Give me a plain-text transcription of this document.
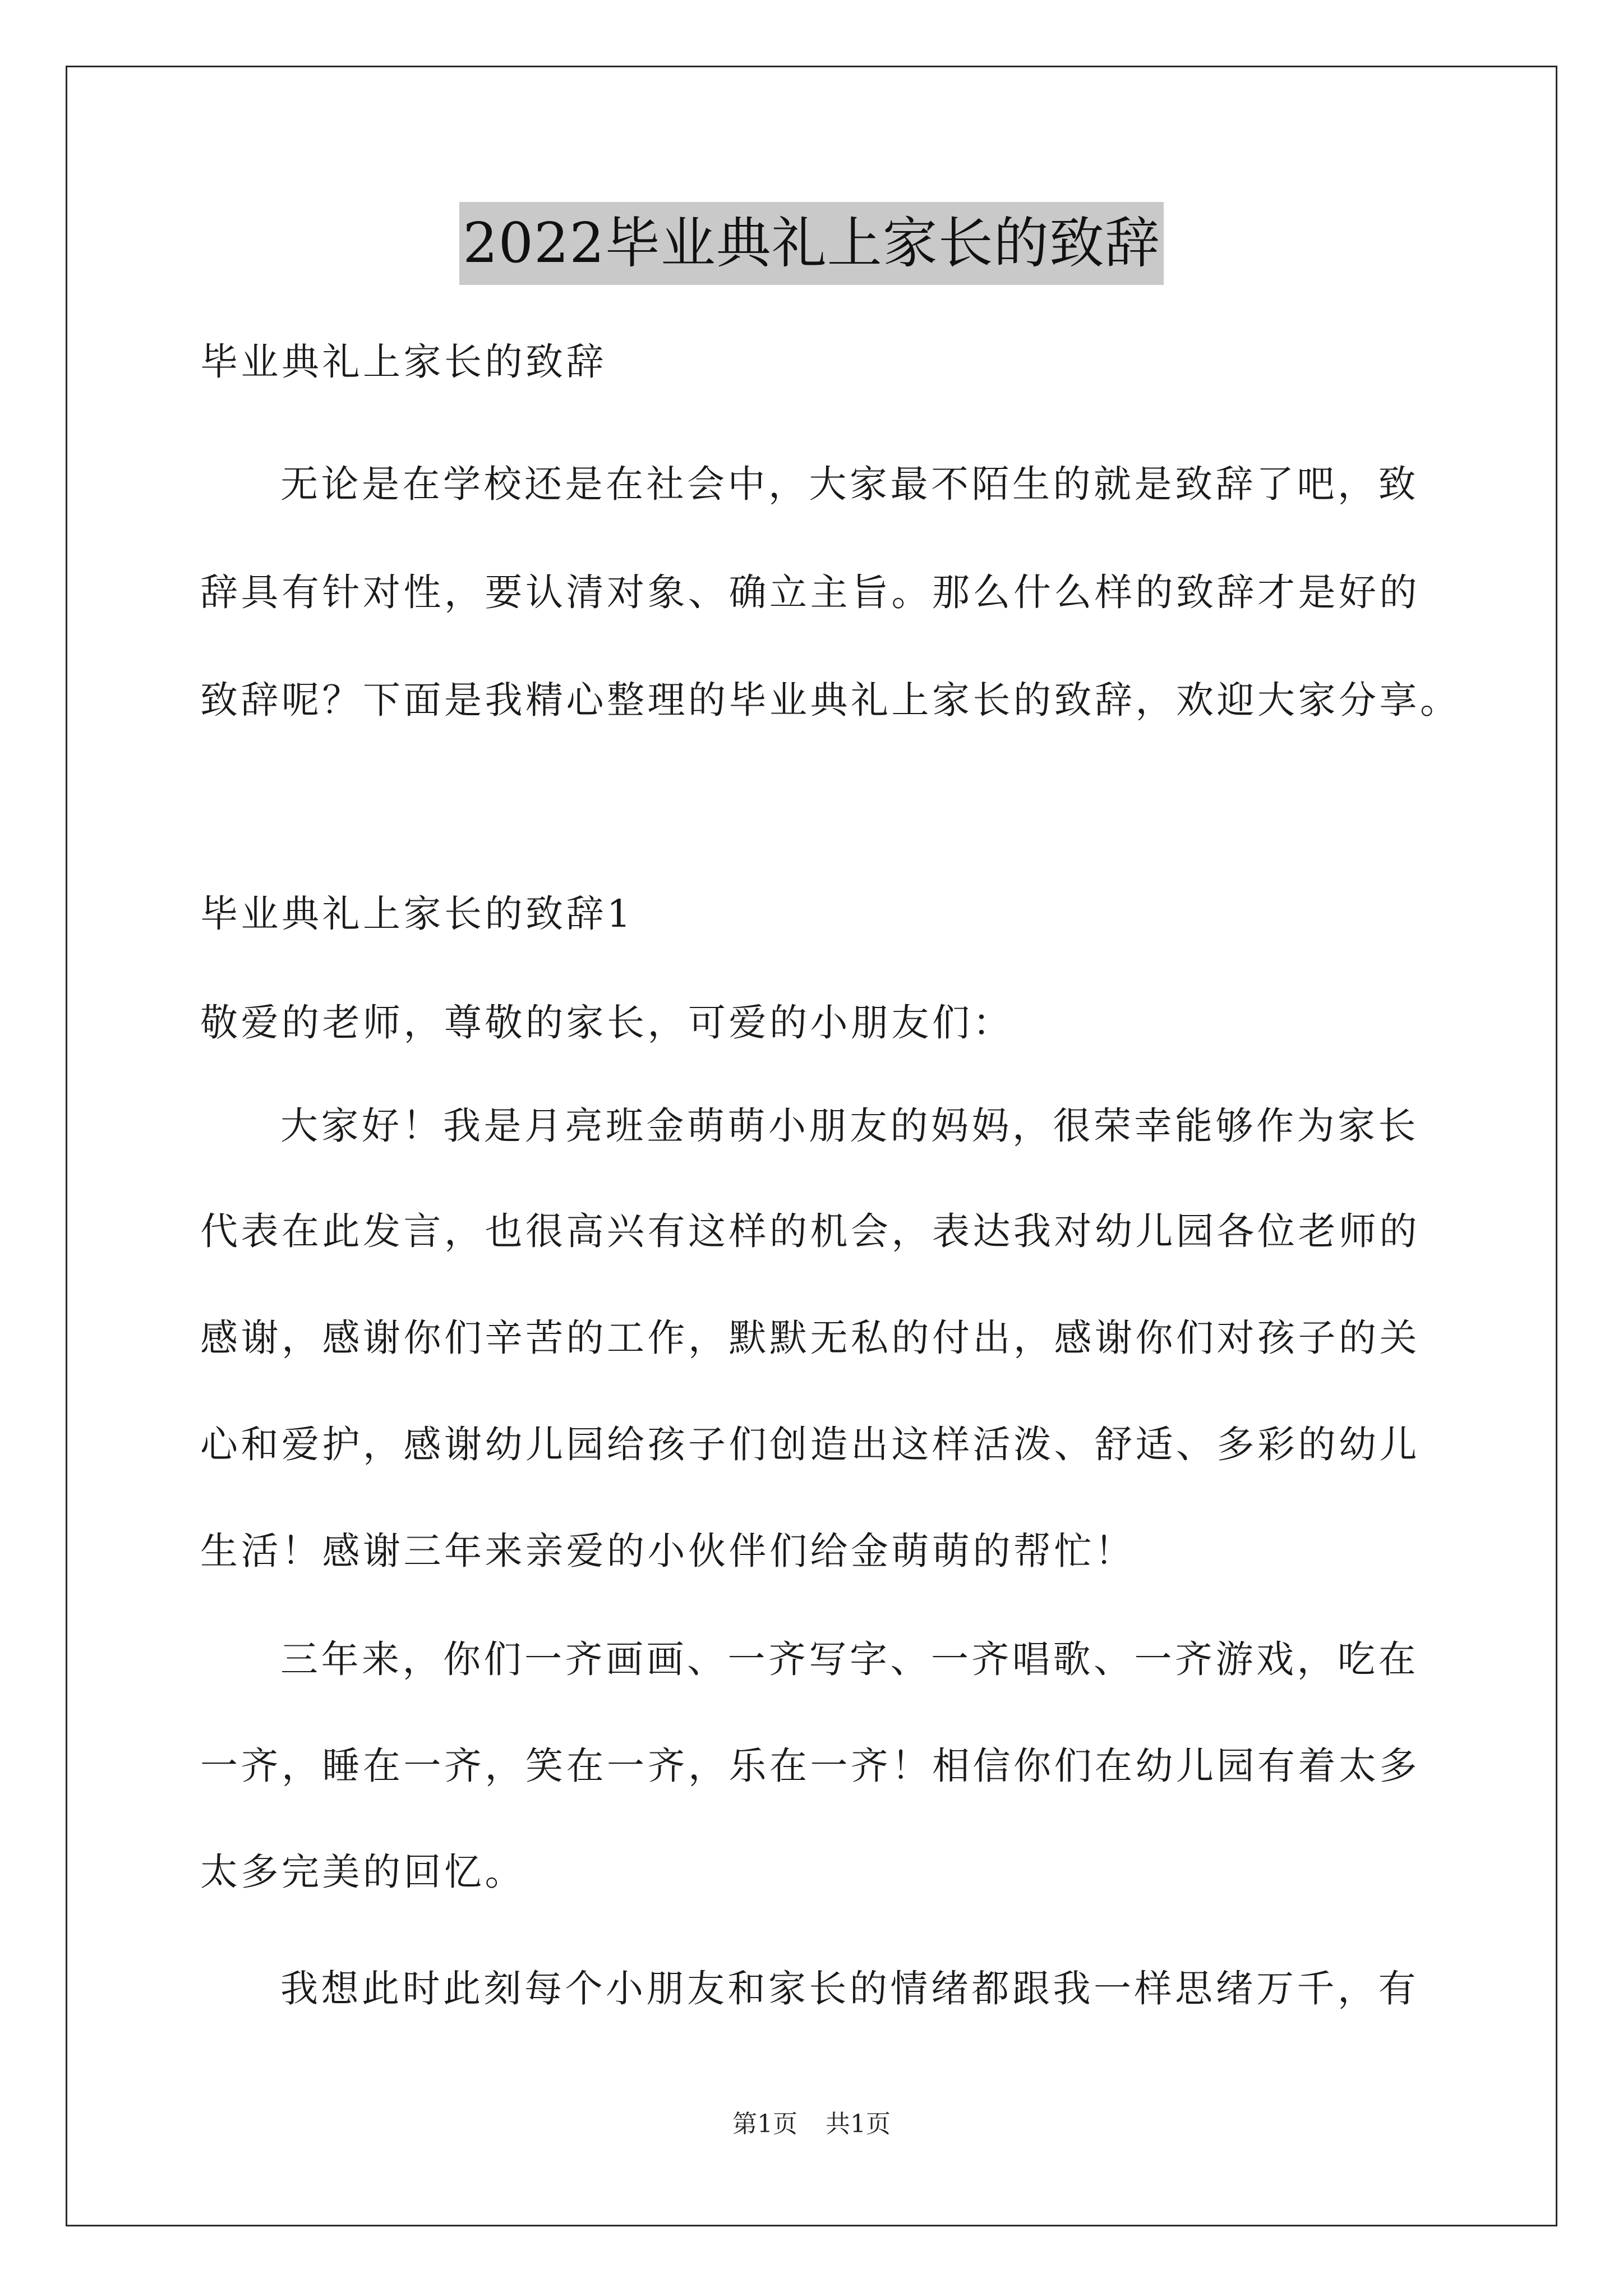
2022毕业典礼上家长的致辞
毕业典礼上家长的致辞
无论是在学校还是在社会中，大家最不陌生的就是致辞了吧，致
辞具有针对性，要认清对象、确立主旨。那么什么样的致辞才是好的
致辞呢？下面是我精心整理的毕业典礼上家长的致辞，欢迎大家分享。
毕业典礼上家长的致辞1
敬爱的老师，尊敬的家长，可爱的小朋友们：
大家好！我是月亮班金萌萌小朋友的妈妈，很荣幸能够作为家长
代表在此发言，也很高兴有这样的机会，表达我对幼儿园各位老师的
感谢，感谢你们辛苦的工作，默默无私的付出，感谢你们对孩子的关
心和爱护，感谢幼儿园给孩子们创造出这样活泼、舒适、多彩的幼儿
生活！感谢三年来亲爱的小伙伴们给金萌萌的帮忙！
三年来，你们一齐画画、一齐写字、一齐唱歌、一齐游戏，吃在
一齐，睡在一齐，笑在一齐，乐在一齐！相信你们在幼儿园有着太多
太多完美的回忆。
我想此时此刻每个小朋友和家长的情绪都跟我一样思绪万千，有
第1页 共1页
